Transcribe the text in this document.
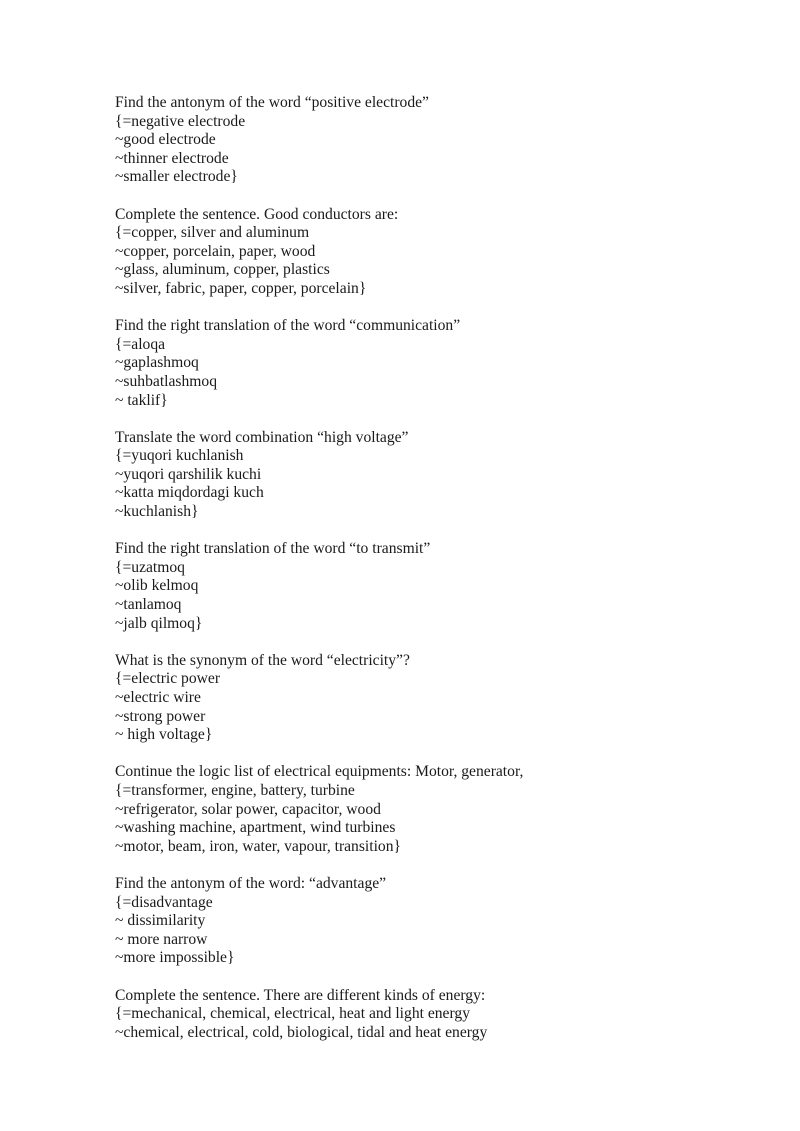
Find the antonym of the word “positive electrode”
{=negative electrode
~good electrode
~thinner electrode
~smaller electrode}
Complete the sentence. Good conductors are:
{=copper, silver and aluminum
~copper, porcelain, paper, wood
~glass, aluminum, copper, plastics
~silver, fabric, paper, copper, porcelain}
Find the right translation of the word “communication”
{=aloqa
~gaplashmoq
~suhbatlashmoq
~ taklif}
Translate the word combination “high voltage”
{=yuqori kuchlanish
~yuqori qarshilik kuchi
~katta miqdordagi kuch
~kuchlanish}
Find the right translation of the word “to transmit”
{=uzatmoq
~olib kelmoq
~tanlamoq
~jalb qilmoq}
What is the synonym of the word “electricity”?
{=electric power
~electric wire
~strong power
~ high voltage}
Continue the logic list of electrical equipments: Motor, generator,
{=transformer, engine, battery, turbine
~refrigerator, solar power, capacitor, wood
~washing machine, apartment, wind turbines
~motor, beam, iron, water, vapour, transition}
Find the antonym of the word: “advantage”
{=disadvantage
~ dissimilarity
~ more narrow
~more impossible}
Complete the sentence. There are different kinds of energy:
{=mechanical, chemical, electrical, heat and light energy
~chemical, electrical, cold, biological, tidal and heat energy
